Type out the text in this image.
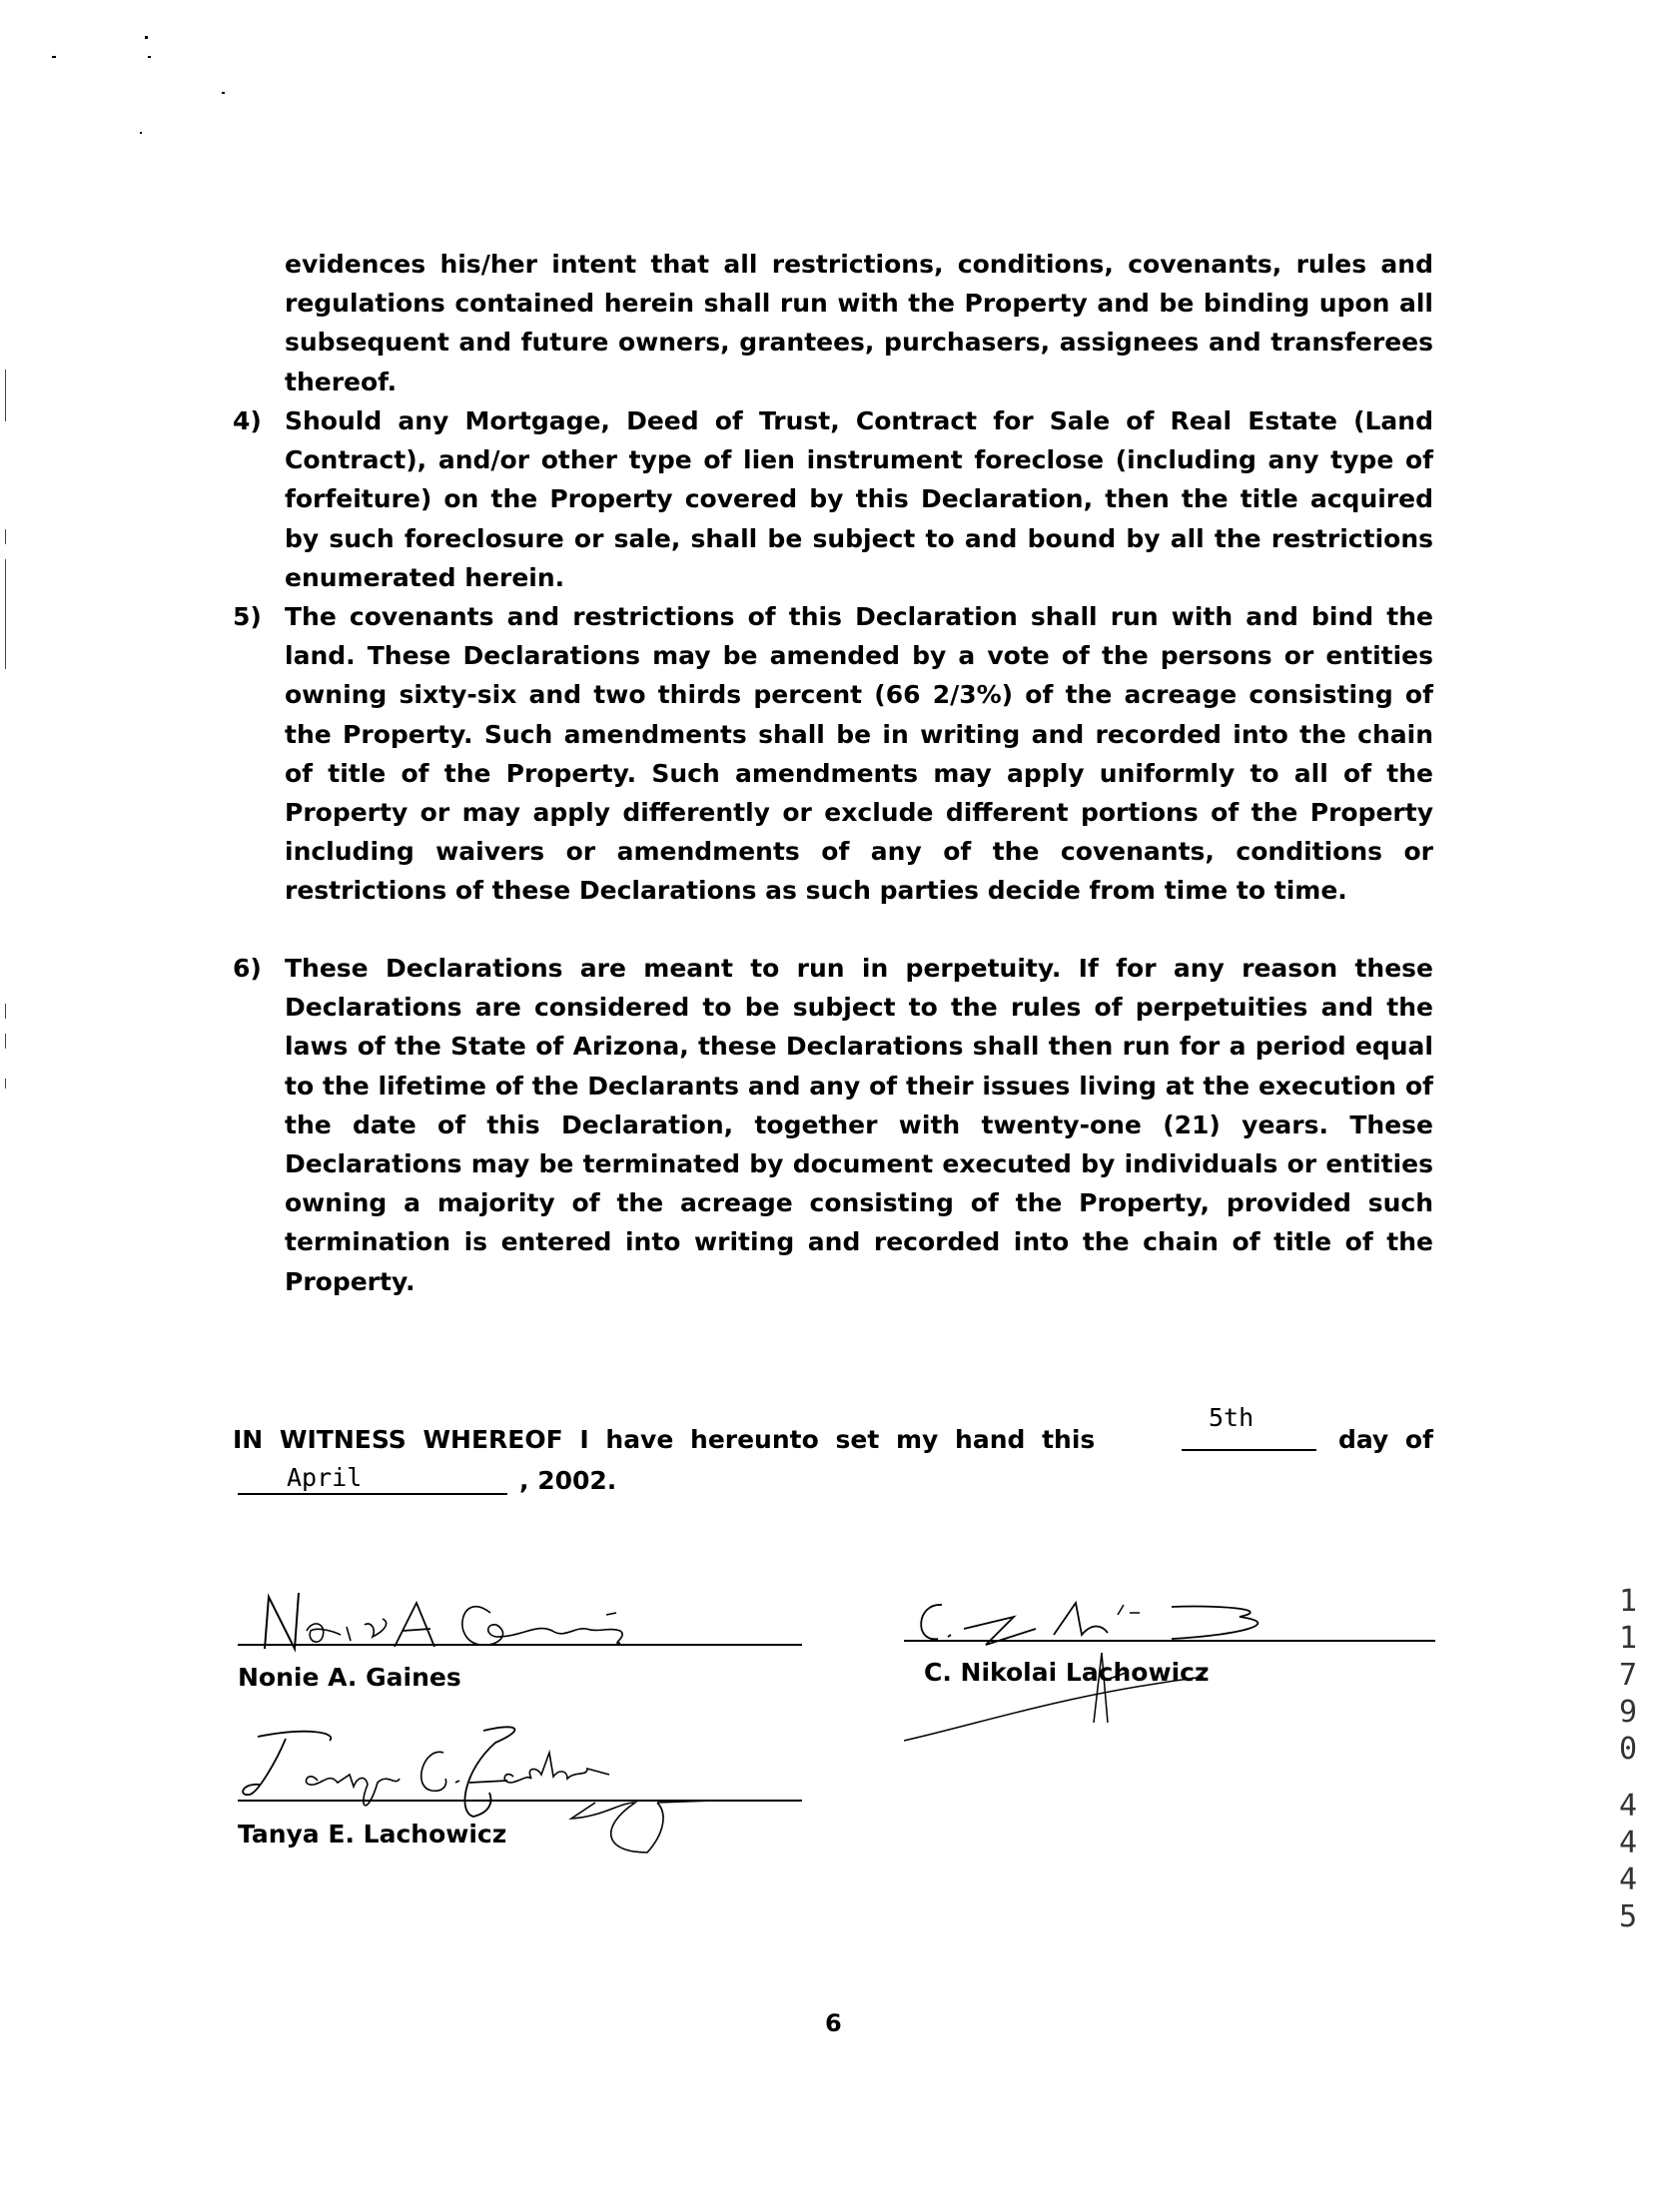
evidences his/her intent that all restrictions, conditions, covenants, rules and regulations contained herein shall run with the Property and be binding upon all subsequent and future owners, grantees, purchasers, assignees and transferees thereof.
4) Should any Mortgage, Deed of Trust, Contract for Sale of Real Estate (Land Contract), and/or other type of lien instrument foreclose (including any type of forfeiture) on the Property covered by this Declaration, then the title acquired by such foreclosure or sale, shall be subject to and bound by all the restrictions enumerated herein.
5) The covenants and restrictions of this Declaration shall run with and bind the land. These Declarations may be amended by a vote of the persons or entities owning sixty-six and two thirds percent (66 2/3%) of the acreage consisting of the Property. Such amendments shall be in writing and recorded into the chain of title of the Property. Such amendments may apply uniformly to all of the Property or may apply differently or exclude different portions of the Property including waivers or amendments of any of the covenants, conditions or restrictions of these Declarations as such parties decide from time to time.
6) These Declarations are meant to run in perpetuity. If for any reason these Declarations are considered to be subject to the rules of perpetuities and the laws of the State of Arizona, these Declarations shall then run for a period equal to the lifetime of the Declarants and any of their issues living at the execution of the date of this Declaration, together with twenty-one (21) years. These Declarations may be terminated by document executed by individuals or entities owning a majority of the acreage consisting of the Property, provided such termination is entered into writing and recorded into the chain of title of the Property.
IN WITNESS WHEREOF I have hereunto set my hand this	day of
5th
April	, 2002.
Nonie A. Gaines	C. Nikolai Lachowicz
Tanya E. Lachowicz
1
1
7
9
0
4
4
4
5
6
